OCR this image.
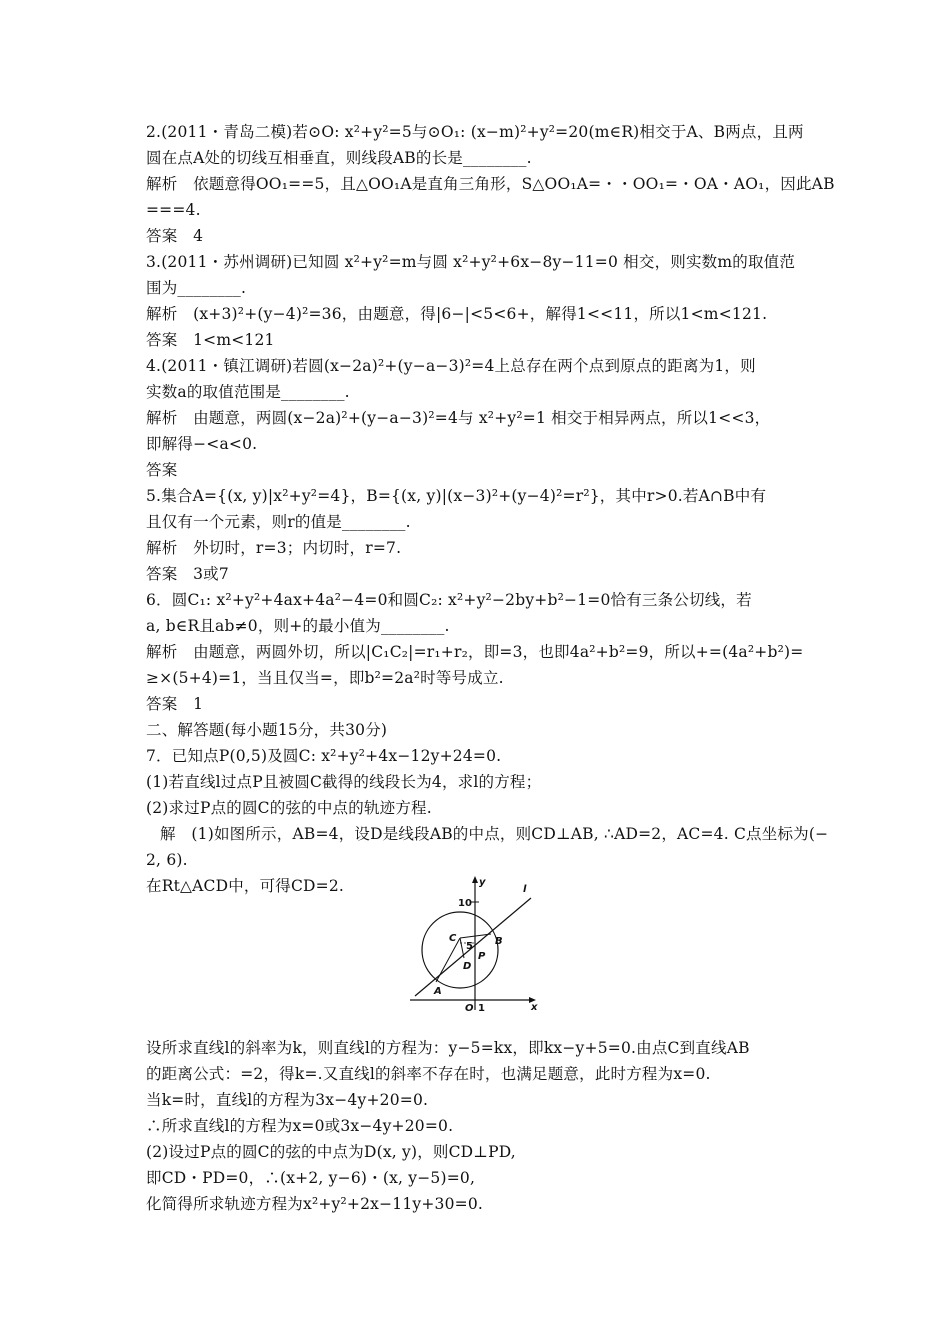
2.(2011・青岛二模)若⊙O: x²+y²=5与⊙O₁: (x−m)²+y²=20(m∈R)相交于A、B两点，且两
圆在点A处的切线互相垂直，则线段AB的长是________.
解析　依题意得OO₁==5，且△OO₁A是直角三角形，S△OO₁A=・・OO₁=・OA・AO₁，因此AB
===4.
答案　4
3.(2011・苏州调研)已知圆 x²+y²=m与圆 x²+y²+6x−8y−11=0 相交，则实数m的取值范
围为________.
解析　(x+3)²+(y−4)²=36，由题意，得|6−|<5<6+，解得1<<11，所以1<m<121.
答案　1<m<121
4.(2011・镇江调研)若圆(x−2a)²+(y−a−3)²=4上总存在两个点到原点的距离为1，则
实数a的取值范围是________.
解析　由题意，两圆(x−2a)²+(y−a−3)²=4与 x²+y²=1 相交于相异两点，所以1<<3，
即解得−<a<0.
答案
5.集合A={(x, y)|x²+y²=4}，B={(x, y)|(x−3)²+(y−4)²=r²}，其中r>0.若A∩B中有
且仅有一个元素，则r的值是________.
解析　外切时，r=3；内切时，r=7.
答案　3或7
6．圆C₁: x²+y²+4ax+4a²−4=0和圆C₂: x²+y²−2by+b²−1=0恰有三条公切线，若
a, b∈R且ab≠0，则+的最小值为________.
解析　由题意，两圆外切，所以|C₁C₂|=r₁+r₂，即=3，也即4a²+b²=9，所以+=(4a²+b²)=
≥×(5+4)=1，当且仅当=，即b²=2a²时等号成立.
答案　1
二、解答题(每小题15分，共30分)
7．已知点P(0,5)及圆C: x²+y²+4x−12y+24=0.
(1)若直线l过点P且被圆C截得的线段长为4，求l的方程；
(2)求过P点的圆C的弦的中点的轨迹方程.
解　(1)如图所示，AB=4，设D是线段AB的中点，则CD⊥AB, ∴AD=2，AC=4. C点坐标为(−
2, 6).
在Rt△ACD中，可得CD=2.
设所求直线l的斜率为k，则直线l的方程为：y−5=kx，即kx−y+5=0.由点C到直线AB
的距离公式：=2，得k=.又直线l的斜率不存在时，也满足题意，此时方程为x=0.
当k=时，直线l的方程为3x−4y+20=0.
∴所求直线l的方程为x=0或3x−4y+20=0.
(2)设过P点的圆C的弦的中点为D(x, y)，则CD⊥PD,
即CD・PD=0，∴(x+2, y−6)・(x, y−5)=0,
化简得所求轨迹方程为x²+y²+2x−11y+30=0.
y
x
10
5
1
O
A
B
C
D
P
l
